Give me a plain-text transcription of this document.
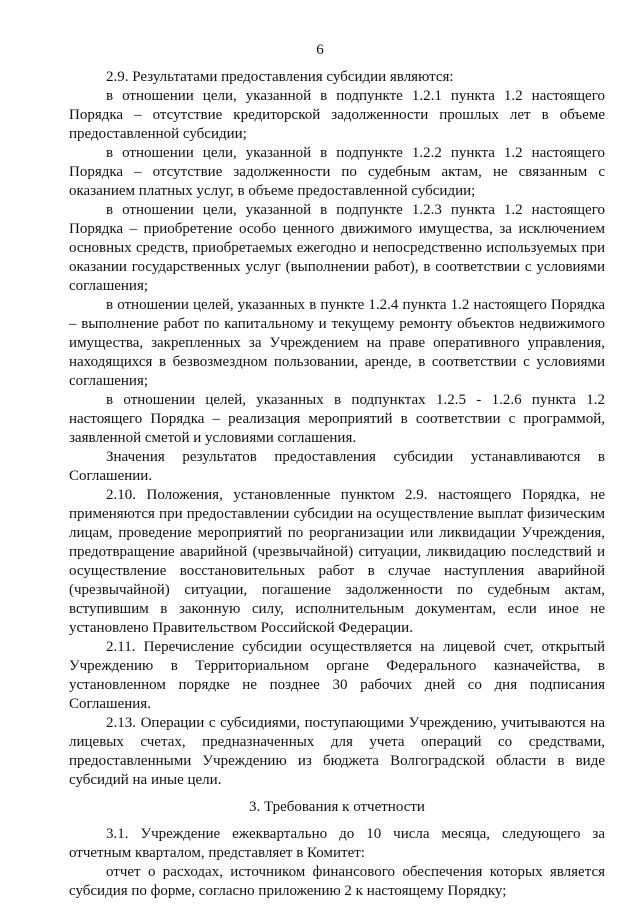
6

2.9. Результатами предоставления субсидии являются:

в отношении цели, указанной в подпункте 1.2.1 пункта 1.2 настоящего Порядка – отсутствие кредиторской задолженности прошлых лет в объеме предоставленной субсидии;

в отношении цели, указанной в подпункте 1.2.2 пункта 1.2 настоящего Порядка – отсутствие задолженности по судебным актам, не связанным с оказанием платных услуг, в объеме предоставленной субсидии;

в отношении цели, указанной в подпункте 1.2.3 пункта 1.2 настоящего Порядка – приобретение особо ценного движимого имущества, за исключением основных средств, приобретаемых ежегодно и непосредственно используемых при оказании государственных услуг (выполнении работ), в соответствии с условиями соглашения;

в отношении целей, указанных в пункте 1.2.4 пункта 1.2 настоящего Порядка – выполнение работ по капитальному и текущему ремонту объектов недвижимого имущества, закрепленных за Учреждением на праве оперативного управления, находящихся в безвозмездном пользовании, аренде, в соответствии с условиями соглашения;

в отношении целей, указанных в подпунктах 1.2.5 - 1.2.6 пункта 1.2 настоящего Порядка – реализация мероприятий в соответствии с программой, заявленной сметой и условиями соглашения.

Значения результатов предоставления субсидии устанавливаются в Соглашении.

2.10. Положения, установленные пунктом 2.9. настоящего Порядка, не применяются при предоставлении субсидии на осуществление выплат физическим лицам, проведение мероприятий по реорганизации или ликвидации Учреждения, предотвращение аварийной (чрезвычайной) ситуации, ликвидацию последствий и осуществление восстановительных работ в случае наступления аварийной (чрезвычайной) ситуации, погашение задолженности по судебным актам, вступившим в законную силу, исполнительным документам, если иное не установлено Правительством Российской Федерации.

2.11. Перечисление субсидии осуществляется на лицевой счет, открытый Учреждению в Территориальном органе Федерального казначейства, в установленном порядке не позднее 30 рабочих дней со дня подписания Соглашения.

2.13. Операции с субсидиями, поступающими Учреждению, учитываются на лицевых счетах, предназначенных для учета операций со средствами, предоставленными Учреждению из бюджета Волгоградской области в виде субсидий на иные цели.

3. Требования к отчетности

3.1. Учреждение ежеквартально до 10 числа месяца, следующего за отчетным кварталом, представляет в Комитет:

отчет о расходах, источником финансового обеспечения которых является субсидия по форме, согласно приложению 2 к настоящему Порядку;
